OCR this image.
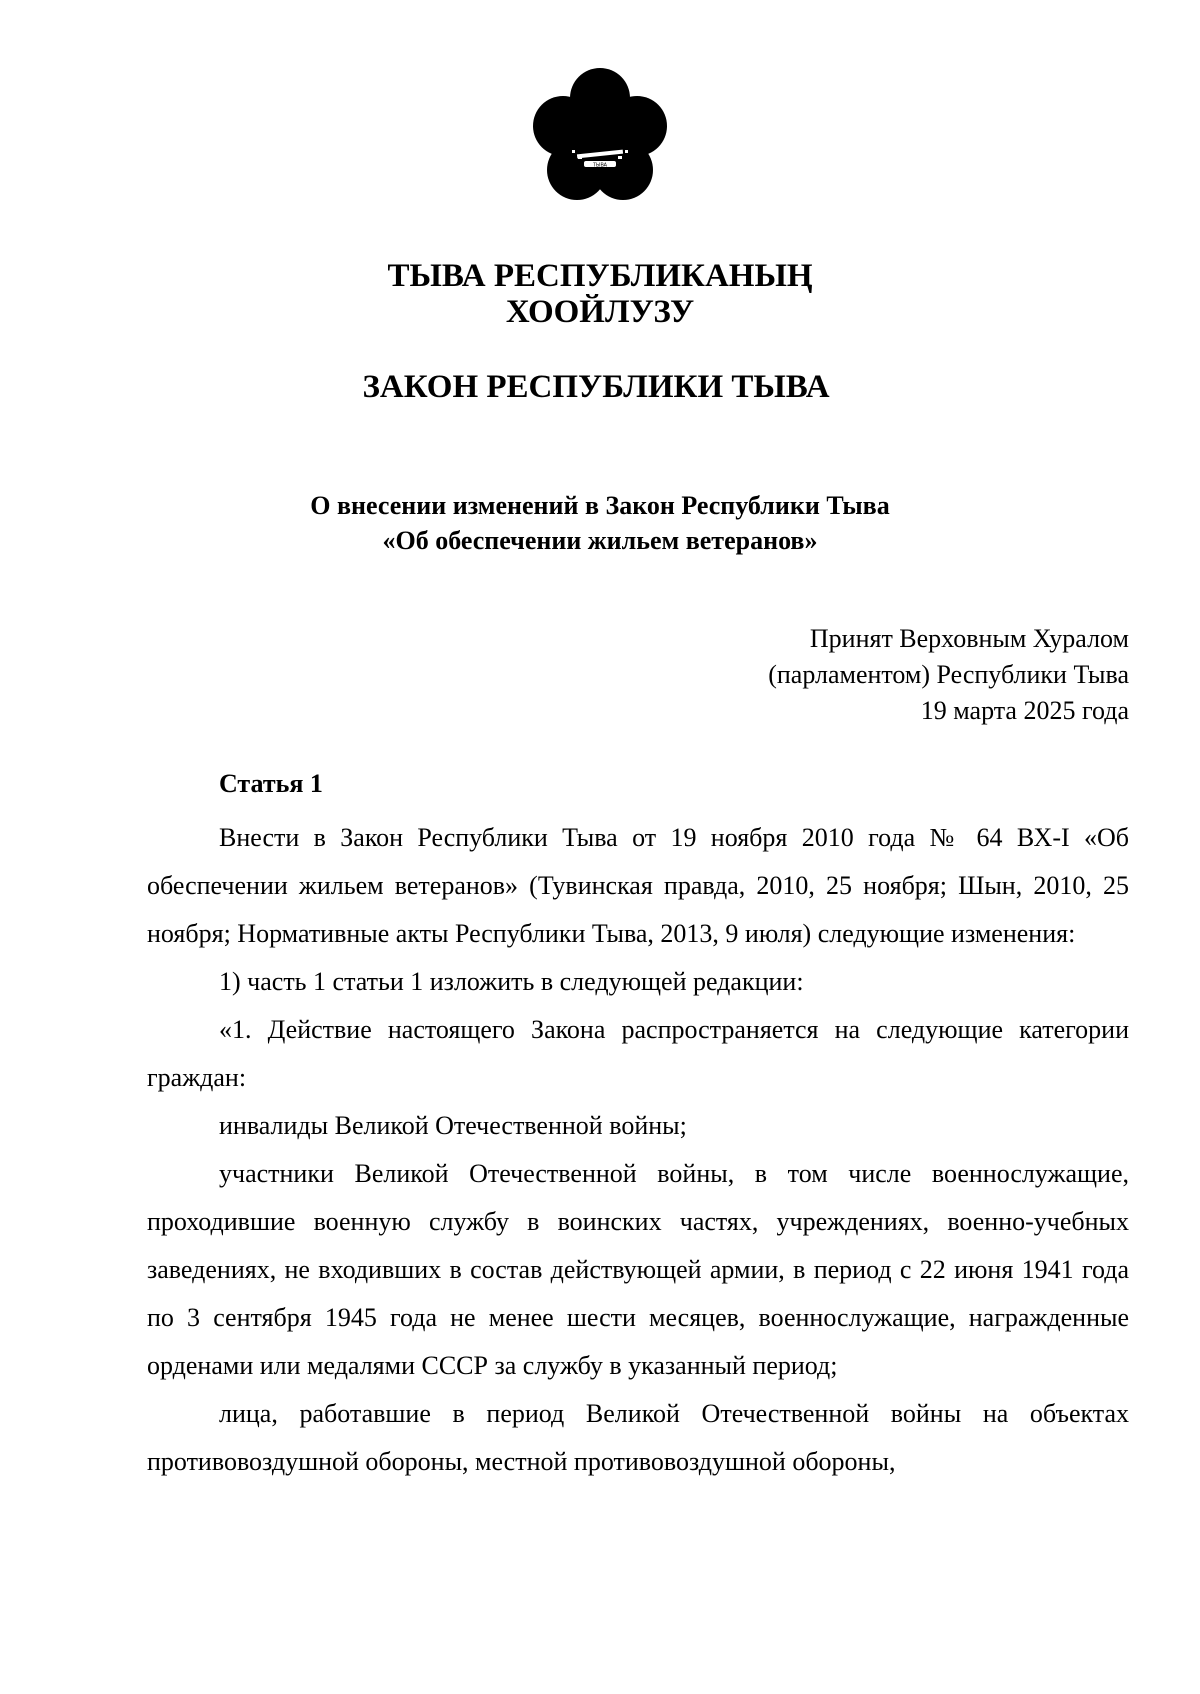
ТЫВА
ТЫВА РЕСПУБЛИКАНЫҢ
ХООЙЛУЗУ
ЗАКОН РЕСПУБЛИКИ ТЫВА
О внесении изменений в Закон Республики Тыва
«Об обеспечении жильем ветеранов»

Принят Верховным Хуралом
(парламентом) Республики Тыва
19 марта 2025 года

Статья 1

Внести в Закон Республики Тыва от 19 ноября 2010 года № 64 ВХ-I «Об обеспечении жильем ветеранов» (Тувинская правда, 2010, 25 ноября; Шын, 2010, 25 ноября; Нормативные акты Республики Тыва, 2013, 9 июля) следующие изменения:

1) часть 1 статьи 1 изложить в следующей редакции:

«1. Действие настоящего Закона распространяется на следующие категории граждан:

инвалиды Великой Отечественной войны;

участники Великой Отечественной войны, в том числе военнослужащие, проходившие военную службу в воинских частях, учреждениях, военно-учебных заведениях, не входивших в состав действующей армии, в период с 22 июня 1941 года по 3 сентября 1945 года не менее шести месяцев, военнослужащие, награжденные орденами или медалями СССР за службу в указанный период;

лица, работавшие в период Великой Отечественной войны на объектах противовоздушной обороны, местной противовоздушной обороны,
